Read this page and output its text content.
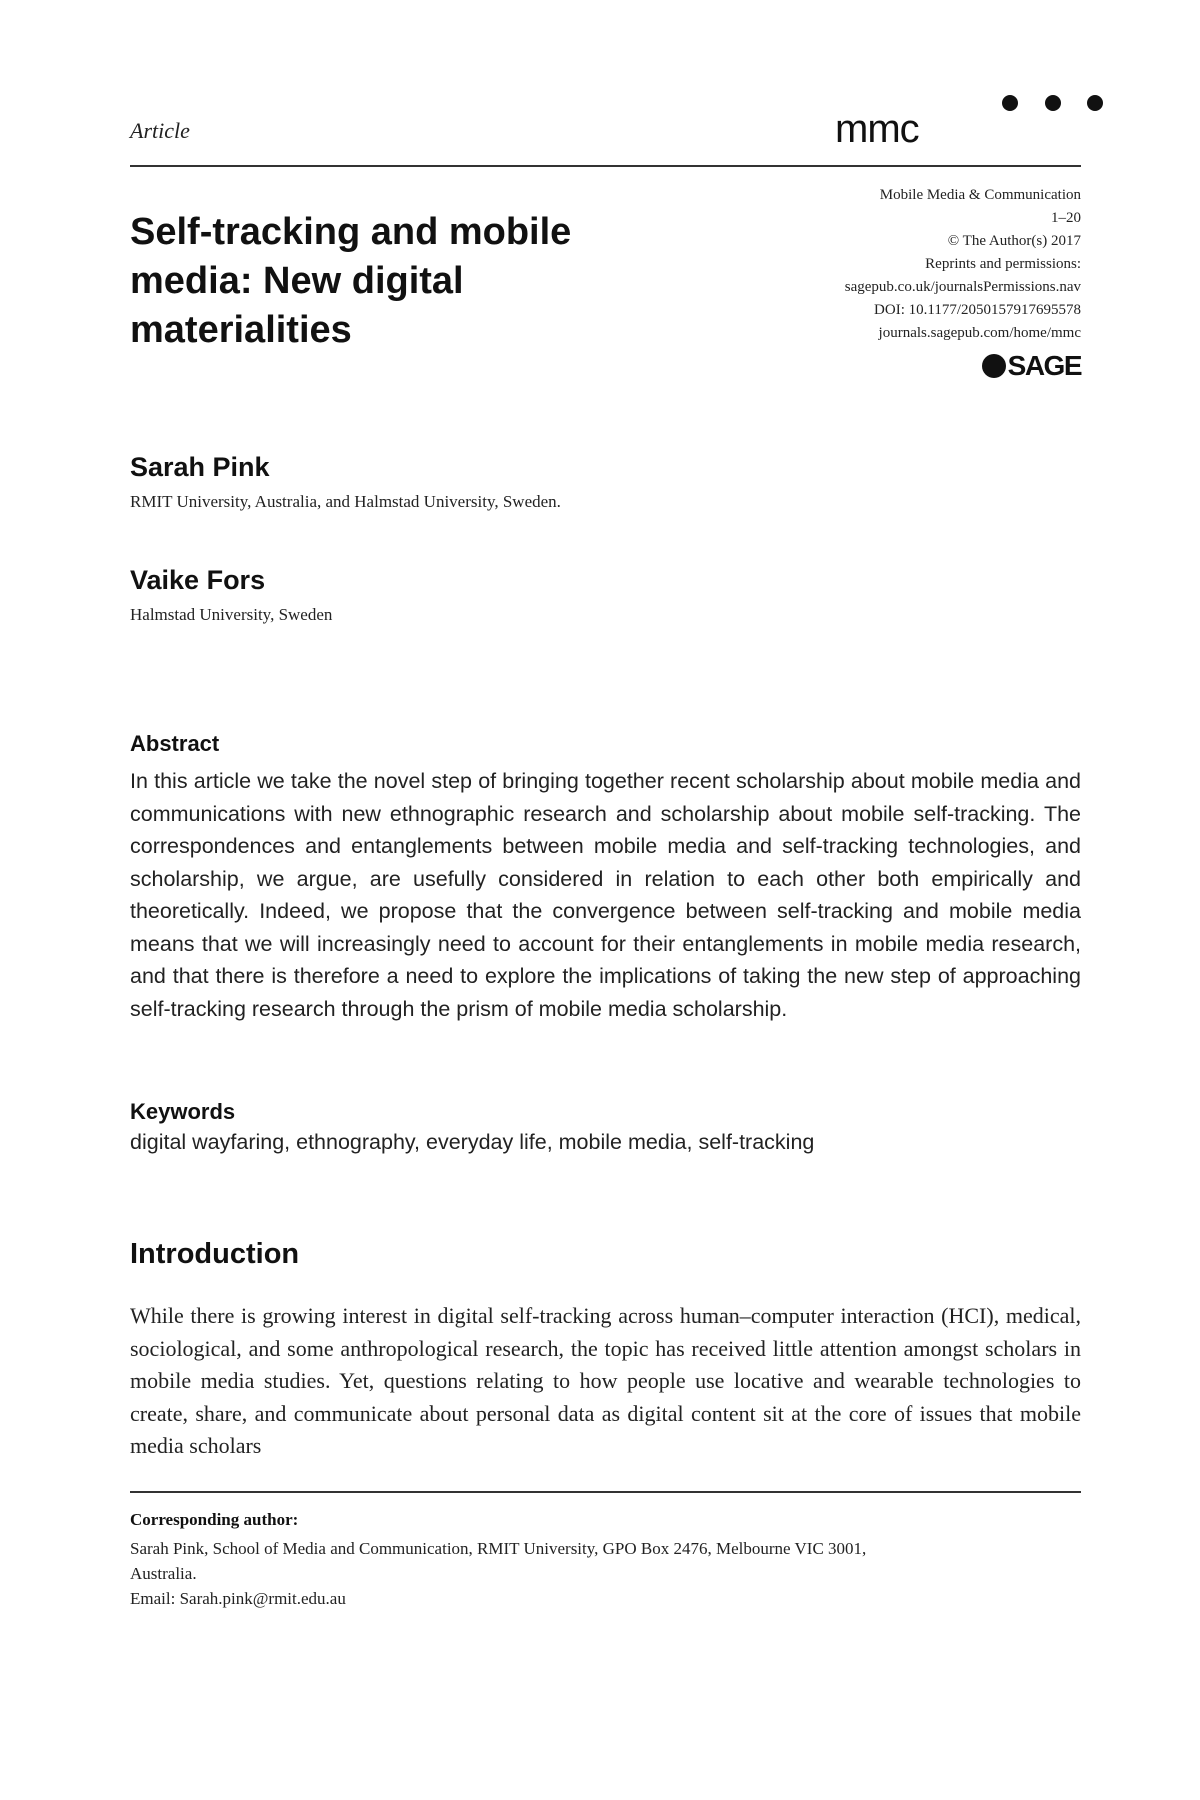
Article	mmc
Self-tracking and mobile media: New digital materialities
Mobile Media & Communication
1–20
© The Author(s) 2017
Reprints and permissions:
sagepub.co.uk/journalsPermissions.nav
DOI: 10.1177/2050157917695578
journals.sagepub.com/home/mmc
SAGE
Sarah Pink
RMIT University, Australia, and Halmstad University, Sweden.
Vaike Fors
Halmstad University, Sweden
Abstract
In this article we take the novel step of bringing together recent scholarship about mobile media and communications with new ethnographic research and scholarship about mobile self-tracking. The correspondences and entanglements between mobile media and self-tracking technologies, and scholarship, we argue, are usefully considered in relation to each other both empirically and theoretically. Indeed, we propose that the convergence between self-tracking and mobile media means that we will increasingly need to account for their entanglements in mobile media research, and that there is therefore a need to explore the implications of taking the new step of approaching self-tracking research through the prism of mobile media scholarship.
Keywords
digital wayfaring, ethnography, everyday life, mobile media, self-tracking
Introduction
While there is growing interest in digital self-tracking across human–computer interaction (HCI), medical, sociological, and some anthropological research, the topic has received little attention amongst scholars in mobile media studies. Yet, questions relating to how people use locative and wearable technologies to create, share, and communicate about personal data as digital content sit at the core of issues that mobile media scholars
Corresponding author:
Sarah Pink, School of Media and Communication, RMIT University, GPO Box 2476, Melbourne VIC 3001,
Australia.
Email: Sarah.pink@rmit.edu.au
